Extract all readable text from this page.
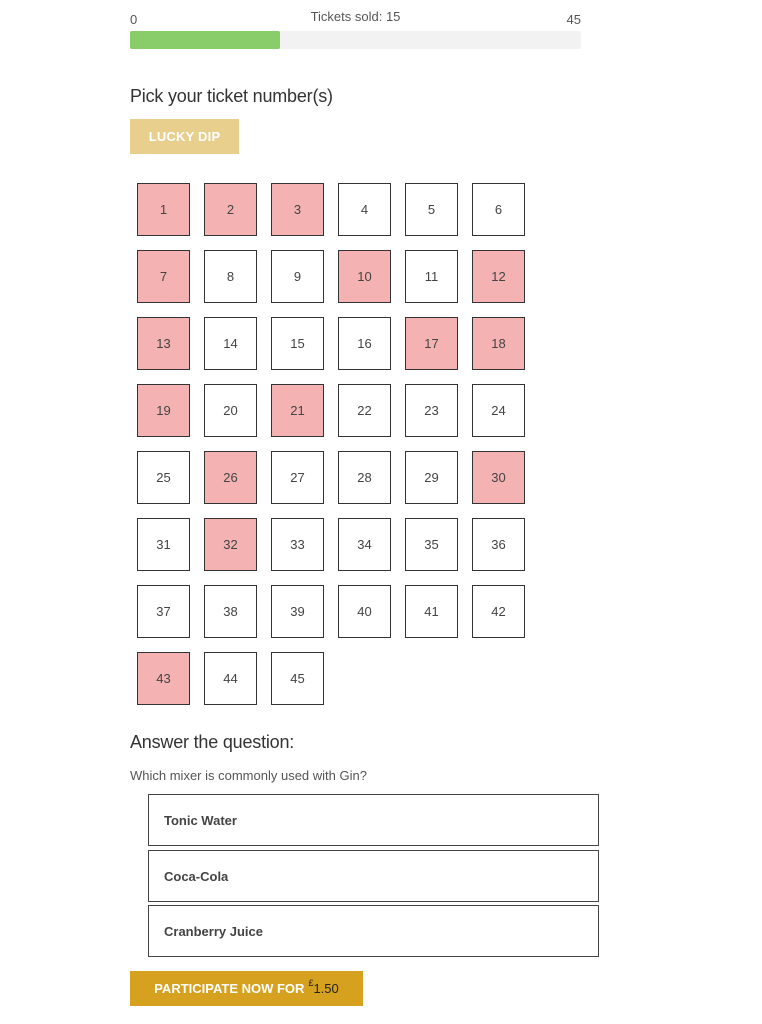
0	Tickets sold: 15	45
Pick your ticket number(s)
LUCKY DIP
1	2	3	4	5	6
7	8	9	10	11	12
13	14	15	16	17	18
19	20	21	22	23	24
25	26	27	28	29	30
31	32	33	34	35	36
37	38	39	40	41	42
43	44	45
Answer the question:
Which mixer is commonly used with Gin?
Tonic Water
Coca-Cola
Cranberry Juice
PARTICIPATE NOW FOR £1.50
